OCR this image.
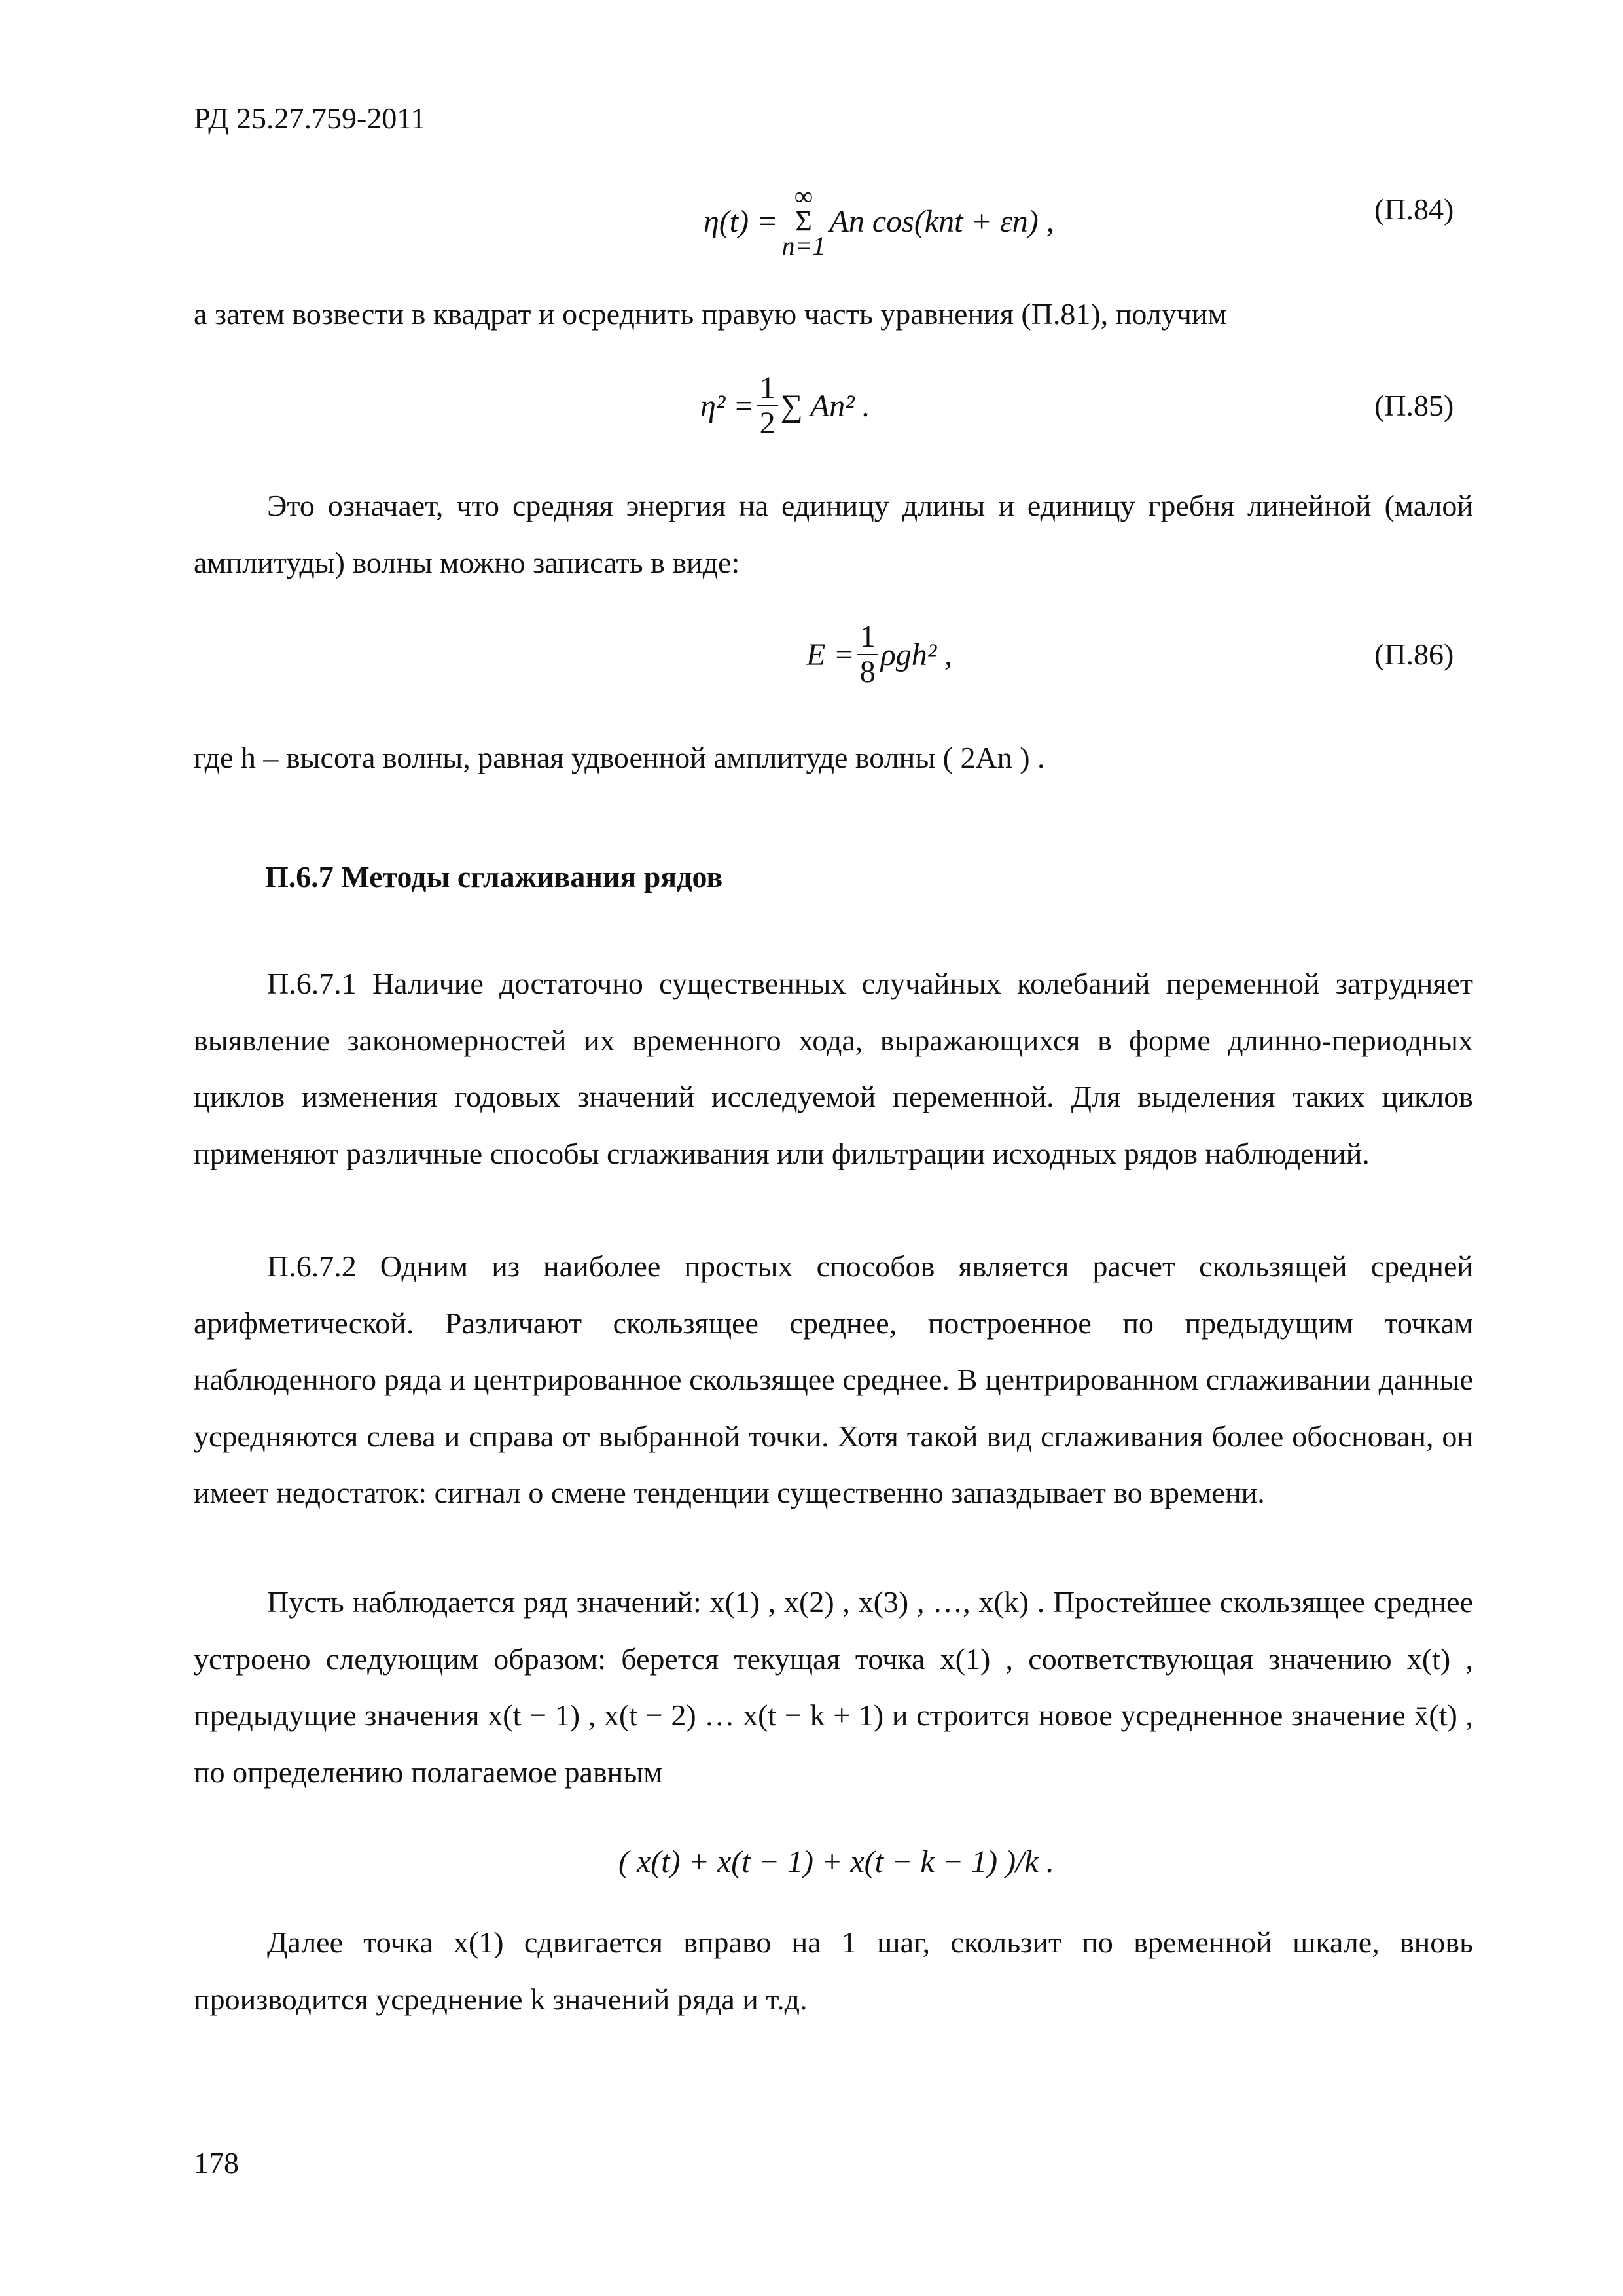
РД 25.27.759-2011
η(t) =
∞
Σ
n=1
An cos(knt + εn) ,	(П.84)
а затем возвести в квадрат и осреднить правую часть уравнения (П.81), получим
$\eta^2 = \frac{1}{2}$ ∑ An² .	(П.85)
Это означает, что средняя энергия на единицу длины и единицу гребня линейной (малой амплитуды) волны можно записать в виде:
$E = \frac{1}{8} \rho gh^2$ ,	(П.86)
где h – высота волны, равная удвоенной амплитуде волны ( 2An ) .
П.6.7 Методы сглаживания рядов
П.6.7.1 Наличие достаточно существенных случайных колебаний переменной затрудняет выявление закономерностей их временного хода, выражающихся в форме длинно-периодных циклов изменения годовых значений исследуемой переменной. Для выделения таких циклов применяют различные способы сглаживания или фильтрации исходных рядов наблюдений.
П.6.7.2 Одним из наиболее простых способов является расчет скользящей средней арифметической. Различают скользящее среднее, построенное по предыдущим точкам наблюденного ряда и центрированное скользящее среднее. В центрированном сглаживании данные усредняются слева и справа от выбранной точки. Хотя такой вид сглаживания более обоснован, он имеет недостаток: сигнал о смене тенденции существенно запаздывает во времени.
Пусть наблюдается ряд значений: x(1) , x(2) , x(3) , …, x(k) . Простейшее скользящее среднее устроено следующим образом: берется текущая точка x(1) , соответствующая значению x(t) , предыдущие значения x(t − 1) , x(t − 2) … x(t − k + 1) и строится новое усредненное значение x̄(t) , по определению полагаемое равным
( x(t) + x(t − 1) + x(t − k − 1) )/k .
Далее точка x(1) сдвигается вправо на 1 шаг, скользит по временной шкале, вновь производится усреднение k значений ряда и т.д.
178
